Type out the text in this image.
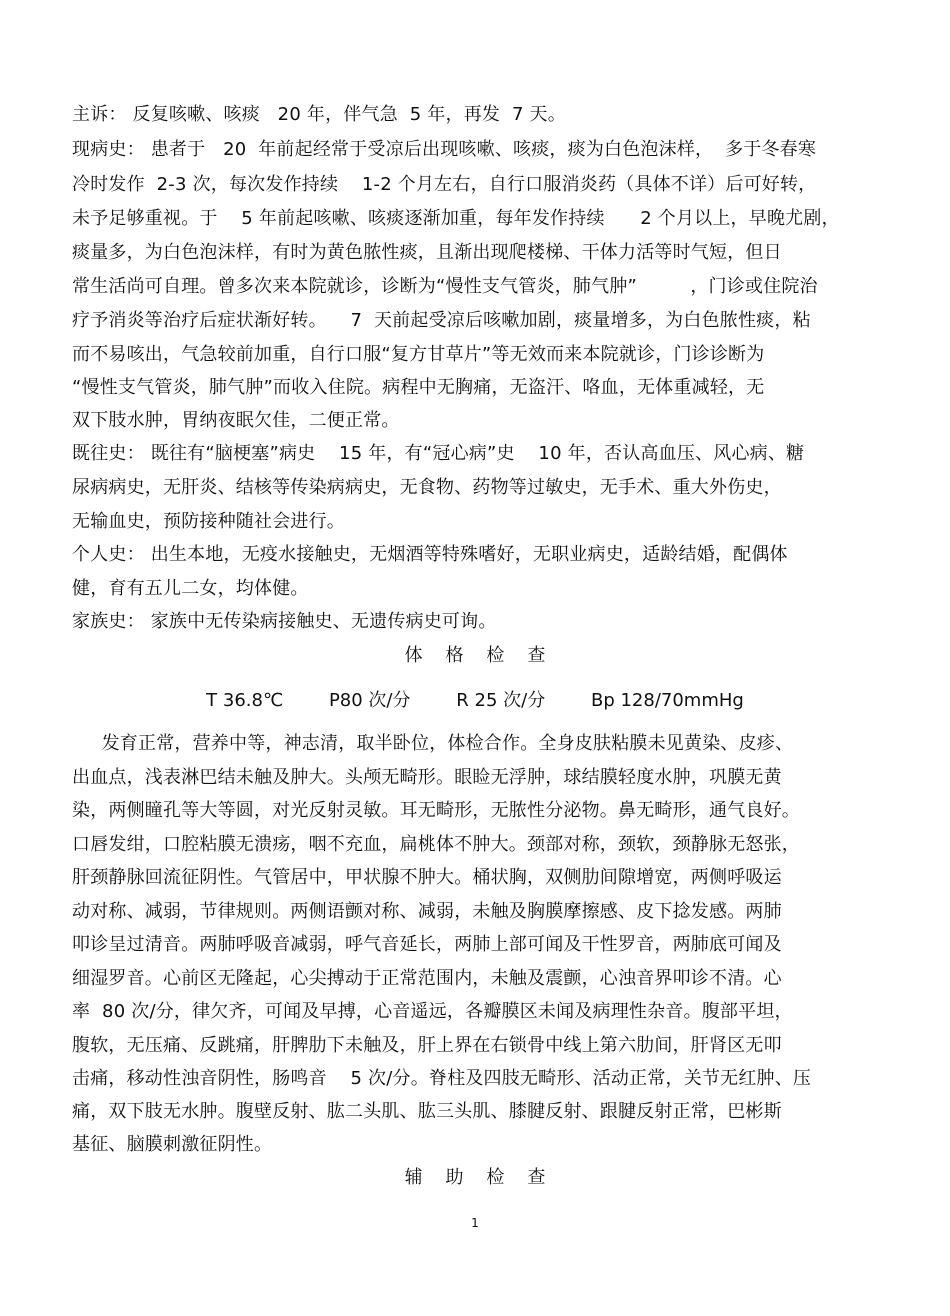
主诉： 反复咳嗽、咳痰   20 年，伴气急  5 年，再发  7 天。
现病史： 患者于   20  年前起经常于受凉后出现咳嗽、咳痰，痰为白色泡沫样，  多于冬春寒
冷时发作  2-3 次，每次发作持续    1-2 个月左右，自行口服消炎药（具体不详）后可好转，
未予足够重视。于    5 年前起咳嗽、咳痰逐渐加重，每年发作持续      2 个月以上，早晚尤剧，
痰量多，为白色泡沫样，有时为黄色脓性痰，且渐出现爬楼梯、干体力活等时气短，但日
常生活尚可自理。曾多次来本院就诊，诊断为“慢性支气管炎，肺气肿”         ，门诊或住院治
疗予消炎等治疗后症状渐好转。    7  天前起受凉后咳嗽加剧，痰量增多，为白色脓性痰，粘
而不易咳出，气急较前加重，自行口服“复方甘草片”等无效而来本院就诊，门诊诊断为
“慢性支气管炎，肺气肿”而收入住院。病程中无胸痛，无盗汗、咯血，无体重减轻，无
双下肢水肿，胃纳夜眠欠佳，二便正常。
既往史： 既往有“脑梗塞”病史    15 年，有“冠心病”史    10 年，否认高血压、风心病、糖
尿病病史，无肝炎、结核等传染病病史，无食物、药物等过敏史，无手术、重大外伤史，
无输血史，预防接种随社会进行。
个人史： 出生本地，无疫水接触史，无烟酒等特殊嗜好，无职业病史，适龄结婚，配偶体
健，育有五儿二女，均体健。
家族史： 家族中无传染病接触史、无遗传病史可询。
体    格    检    查
T 36.8℃        P80 次/分        R 25 次/分        Bp 128/70mmHg
发育正常，营养中等，神志清，取半卧位，体检合作。全身皮肤粘膜未见黄染、皮疹、
出血点，浅表淋巴结未触及肿大。头颅无畸形。眼睑无浮肿，球结膜轻度水肿，巩膜无黄
染，两侧瞳孔等大等圆，对光反射灵敏。耳无畸形，无脓性分泌物。鼻无畸形，通气良好。
口唇发绀，口腔粘膜无溃疡，咽不充血，扁桃体不肿大。颈部对称，颈软，颈静脉无怒张，
肝颈静脉回流征阴性。气管居中，甲状腺不肿大。桶状胸，双侧肋间隙增宽，两侧呼吸运
动对称、减弱，节律规则。两侧语颤对称、减弱，未触及胸膜摩擦感、皮下捻发感。两肺
叩诊呈过清音。两肺呼吸音减弱，呼气音延长，两肺上部可闻及干性罗音，两肺底可闻及
细湿罗音。心前区无隆起，心尖搏动于正常范围内，未触及震颤，心浊音界叩诊不清。心
率  80 次/分，律欠齐，可闻及早搏，心音遥远，各瓣膜区未闻及病理性杂音。腹部平坦，
腹软，无压痛、反跳痛，肝脾肋下未触及，肝上界在右锁骨中线上第六肋间，肝肾区无叩
击痛，移动性浊音阴性，肠鸣音    5 次/分。脊柱及四肢无畸形、活动正常，关节无红肿、压
痛，双下肢无水肿。腹壁反射、肱二头肌、肱三头肌、膝腱反射、跟腱反射正常，巴彬斯
基征、脑膜刺激征阴性。
辅    助    检    查
1
